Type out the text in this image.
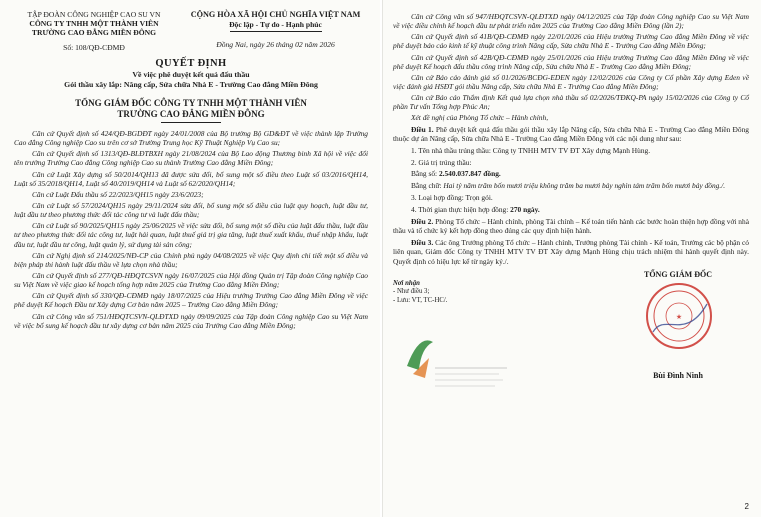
TẬP ĐOÀN CÔNG NGHIỆP CAO SU VN
CÔNG TY TNHH MỘT THÀNH VIÊN
TRƯỜNG CAO ĐẲNG MIỀN ĐÔNG
Số: 108/QĐ-CĐMĐ
CỘNG HÒA XÃ HỘI CHỦ NGHĨA VIỆT NAM
Độc lập - Tự do - Hạnh phúc
Đồng Nai, ngày 26 tháng 02 năm 2026
QUYẾT ĐỊNH
Về việc phê duyệt kết quả đấu thầu
Gói thầu xây lắp: Nâng cấp, Sửa chữa Nhà E - Trường Cao đẳng Miền Đông
TỔNG GIÁM ĐỐC CÔNG TY TNHH MỘT THÀNH VIÊN
TRƯỜNG CAO ĐẲNG MIỀN ĐÔNG
Căn cứ Quyết định số 424/QĐ-BGDĐT ngày 24/01/2008 của Bộ trưởng Bộ GD&ĐT về việc thành lập Trường Cao đẳng Công nghiệp Cao su trên cơ sở Trường Trung học Kỹ Thuật Nghiệp Vụ Cao su;
Căn cứ Quyết định số 1313/QĐ-BLĐTBXH ngày 21/08/2024 của Bộ Lao động Thương binh Xã hội về việc đổi tên trường Trường Cao đẳng Công nghiệp Cao su thành Trường Cao đẳng Miền Đông;
Căn cứ Luật Xây dựng số 50/2014/QH13 đã được sửa đổi, bổ sung một số điều theo Luật số 03/2016/QH14, Luật số 35/2018/QH14, Luật số 40/2019/QH14 và Luật số 62/2020/QH14;
Căn cứ Luật Đấu thầu số 22/2023/QH15 ngày 23/6/2023;
Căn cứ Luật số 57/2024/QH15 ngày 29/11/2024 sửa đổi, bổ sung một số điều của luật quy hoạch, luật đầu tư, luật đầu tư theo phương thức đối tác công tư và luật đấu thầu;
Căn cứ Luật số 90/2025/QH15 ngày 25/06/2025 về việc sửa đổi, bổ sung một số điều của luật đấu thầu, luật đầu tư theo phương thức đối tác công tư, luật hải quan, luật thuế giá trị gia tăng, luật thuế xuất khẩu, thuế nhập khẩu, luật đầu tư, luật đầu tư công, luật quản lý, sử dụng tài sản công;
Căn cứ Nghị định số 214/2025/NĐ-CP của Chính phủ ngày 04/08/2025 về việc Quy định chi tiết một số điều và biện pháp thi hành luật đấu thầu về lựa chọn nhà thầu;
Căn cứ Quyết định số 277/QĐ-HĐQTCSVN ngày 16/07/2025 của Hội đồng Quản trị Tập đoàn Công nghiệp Cao su Việt Nam về việc giao kế hoạch tổng hợp năm 2025 của Trường Cao đẳng Miền Đông;
Căn cứ Quyết định số 330/QĐ-CĐMĐ ngày 18/07/2025 của Hiệu trưởng Trường Cao đẳng Miền Đông về việc phê duyệt Kế hoạch Đầu tư Xây dựng Cơ bản năm 2025 – Trường Cao đẳng Miền Đông;
Căn cứ Công văn số 751/HĐQTCSVN-QLĐTXD ngày 09/09/2025 của Tập đoàn Công nghiệp Cao su Việt Nam về việc bổ sung kế hoạch đầu tư xây dựng cơ bản năm 2025 của Trường Cao đẳng Miền Đông;
Căn cứ Công văn số 947/HĐQTCSVN-QLĐTXD ngày 04/12/2025 của Tập đoàn Công nghiệp Cao su Việt Nam về việc điều chỉnh kế hoạch đầu tư phát triển năm 2025 của Trường Cao đẳng Miền Đông (lần 2);
Căn cứ Quyết định số 41B/QĐ-CĐMĐ ngày 22/01/2026 của Hiệu trưởng Trường Cao đẳng Miền Đông về việc phê duyệt báo cáo kinh tế kỹ thuật công trình Nâng cấp, Sửa chữa Nhà E - Trường Cao đẳng Miền Đông;
Căn cứ Quyết định số 42B/QĐ-CĐMĐ ngày 25/01/2026 của Hiệu trưởng Trường Cao đẳng Miền Đông về việc phê duyệt Kế hoạch đấu thầu công trình Nâng cấp, Sửa chữa Nhà E - Trường Cao đẳng Miền Đông;
Căn cứ Báo cáo đánh giá số 01/2026/BCĐG-EDEN ngày 12/02/2026 của Công ty Cổ phần Xây dựng Eden về việc đánh giá HSĐT gói thầu Nâng cấp, Sửa chữa Nhà E - Trường Cao đẳng Miền Đông;
Căn cứ Báo cáo Thẩm định Kết quả lựa chọn nhà thầu số 02/2026/TĐKQ-PA ngày 15/02/2026 của Công ty Cổ phần Tư vấn Tổng hợp Phúc An;
Xét đề nghị của Phòng Tổ chức – Hành chính,
Điều 1. Phê duyệt kết quả đấu thầu gói thầu xây lắp Nâng cấp, Sửa chữa Nhà E - Trường Cao đẳng Miền Đông thuộc dự án Nâng cấp, Sửa chữa Nhà E - Trường Cao đẳng Miền Đông với các nội dung như sau:
1. Tên nhà thầu trúng thầu: Công ty TNHH MTV TV ĐT Xây dựng Mạnh Hùng.
2. Giá trị trúng thầu:
Bằng số: 2.540.037.847 đồng.
Bằng chữ: Hai tỷ năm trăm bốn mươi triệu không trăm ba mươi bảy nghìn tám trăm bốn mươi bảy đồng./.
3. Loại hợp đồng: Trọn gói.
4. Thời gian thực hiện hợp đồng: 270 ngày.
Điều 2. Phòng Tổ chức – Hành chính, phòng Tài chính – Kế toán tiến hành các bước hoàn thiện hợp đồng với nhà thầu và tổ chức ký kết hợp đồng theo đúng các quy định hiện hành.
Điều 3. Các ông Trưởng phòng Tổ chức – Hành chính, Trưởng phòng Tài chính - Kế toán, Trưởng các bộ phận có liên quan, Giám đốc Công ty TNHH MTV TV ĐT Xây dựng Mạnh Hùng chịu trách nhiệm thi hành quyết định này. Quyết định có hiệu lực kể từ ngày ký./.
Nơi nhận
- Như điều 3;
- Lưu: VT, TC-HC/.
TỔNG GIÁM ĐỐC
Bùi Đình Ninh
★
2
